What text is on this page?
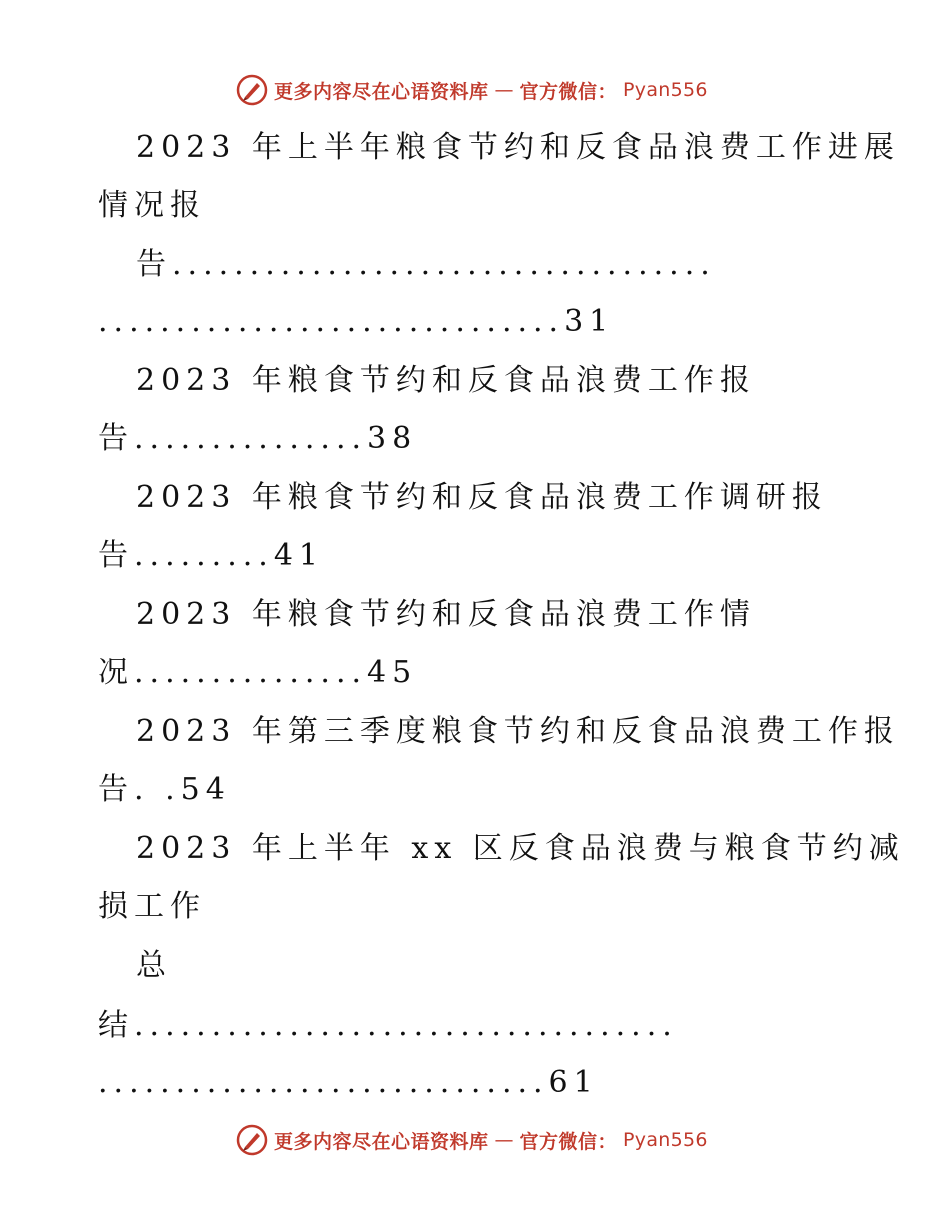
更多内容尽在心语资料库 — 官方微信： Pyan556
2023 年上半年粮食节约和反食品浪费工作进展
情况报
告...................................
..............................31
2023 年粮食节约和反食品浪费工作报
告...............38
2023 年粮食节约和反食品浪费工作调研报
告.........41
2023 年粮食节约和反食品浪费工作情
况...............45
2023 年第三季度粮食节约和反食品浪费工作报
告. .54
2023 年上半年 xx 区反食品浪费与粮食节约减
损工作
总
结...................................
.............................61
更多内容尽在心语资料库 — 官方微信： Pyan556
